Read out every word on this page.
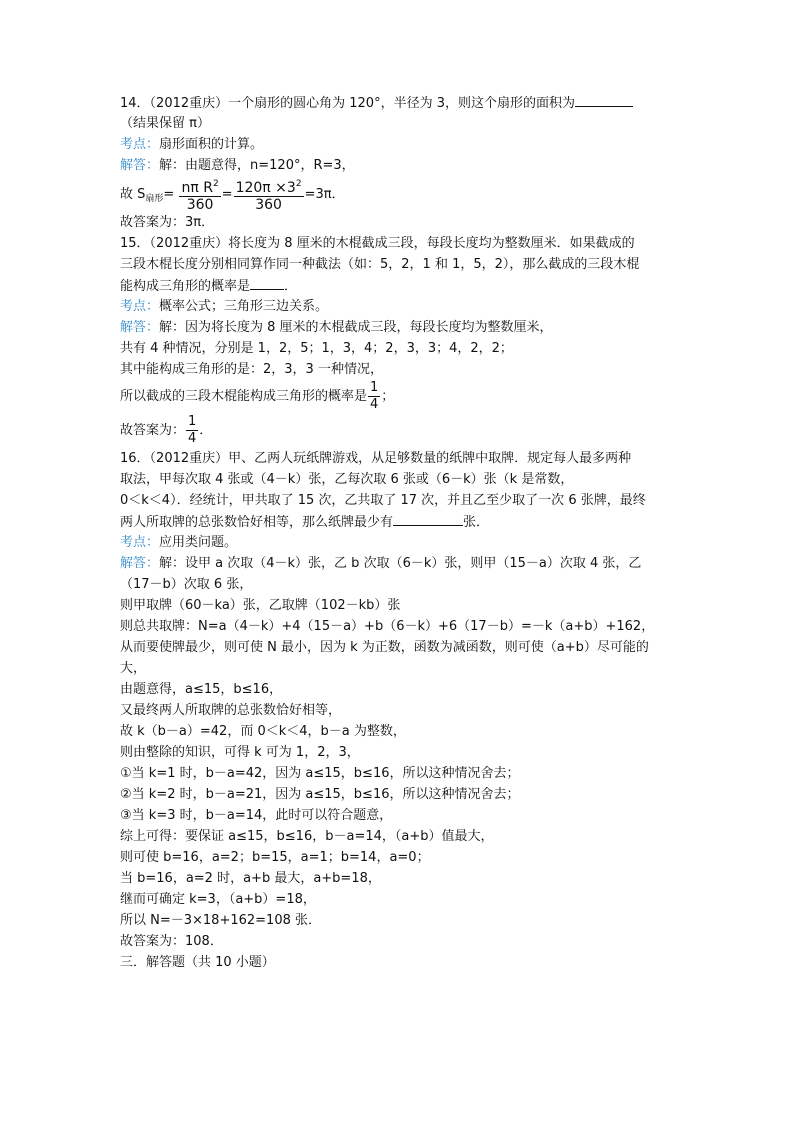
14．（2012重庆）一个扇形的圆心角为 120°，半径为 3，则这个扇形的面积为
（结果保留 π）
考点：扇形面积的计算。
解答：解：由题意得，n=120°，R=3，
故 $S_{扇形}= \frac{n\pi R^2}{360} = \frac{120\pi \times 3^2}{360} =3\pi$．
故答案为：3π．
15．（2012重庆）将长度为 8 厘米的木棍截成三段，每段长度均为整数厘米．如果截成的
三段木棍长度分别相同算作同一种截法（如：5，2，1 和 1，5，2），那么截成的三段木棍
能构成三角形的概率是	．
考点：概率公式；三角形三边关系。
解答：解：因为将长度为 8 厘米的木棍截成三段，每段长度均为整数厘米，
共有 4 种情况，分别是 1，2，5；1，3，4；2，3，3；4，2，2；
其中能构成三角形的是：2，3，3 一种情况，
所以截成的三段木棍能构成三角形的概率是 $\frac{1}{4}$ ；
故答案为： $\frac{1}{4}$ ．
16．（2012重庆）甲、乙两人玩纸牌游戏，从足够数量的纸牌中取牌．规定每人最多两种
取法，甲每次取 4 张或（4－k）张，乙每次取 6 张或（6－k）张（k 是常数，
0＜k＜4）．经统计，甲共取了 15 次，乙共取了 17 次，并且乙至少取了一次 6 张牌，最终
两人所取牌的总张数恰好相等，那么纸牌最少有	张．
考点：应用类问题。
解答：解：设甲 a 次取（4－k）张，乙 b 次取（6－k）张，则甲（15－a）次取 4 张，乙
（17－b）次取 6 张，
则甲取牌（60－ka）张，乙取牌（102－kb）张
则总共取牌：N=a（4－k）+4（15－a）+b（6－k）+6（17－b）=－k（a+b）+162，
从而要使牌最少，则可使 N 最小，因为 k 为正数，函数为减函数，则可使（a+b）尽可能的
大，
由题意得，a≤15，b≤16，
又最终两人所取牌的总张数恰好相等，
故 k（b－a）=42，而 0＜k＜4，b－a 为整数，
则由整除的知识，可得 k 可为 1，2，3，
①当 k=1 时，b－a=42，因为 a≤15，b≤16，所以这种情况舍去；
②当 k=2 时，b－a=21，因为 a≤15，b≤16，所以这种情况舍去；
③当 k=3 时，b－a=14，此时可以符合题意，
综上可得：要保证 a≤15，b≤16，b－a=14，（a+b）值最大，
则可使 b=16，a=2；b=15，a=1；b=14，a=0；
当 b=16，a=2 时，a+b 最大，a+b=18，
继而可确定 k=3，（a+b）=18，
所以 N=－3×18+162=108 张．
故答案为：108．
三．解答题（共 10 小题）
